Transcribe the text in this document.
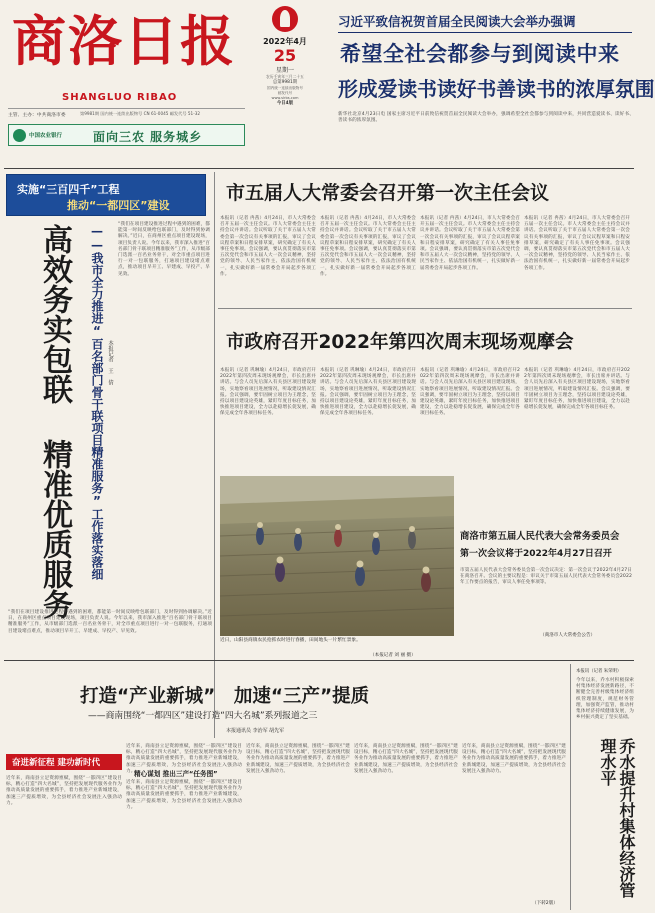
商洛日报
SHANGLUO RIBAO
2022年4月
25
星期一
农历壬寅年三月二十五
总第9981期
国内统一连续出版物号
邮发代号
www.slrbs.com
今日4版
习近平致信祝贺首届全民阅读大会举办强调
希望全社会都参与到阅读中来
形成爱读书读好书善读书的浓厚氛围
主管、主办：中共商洛市委	第9981期 国内统一连续出版物号 CN 61-0045 邮发代号 51-32
中国农业银行	面向三农 服务城乡
新华社北京4月23日电 国家主席习近平日前致信祝贺首届全民阅读大会举办，强调希望全社会都参与到阅读中来，共同营造爱读书、读好书、善读书的浓厚氛围。
实施“三百四千”工程
推动“一都四区”建设
高效务实包联 精准优质服务	——我市全力推进“百名部门骨干联项目精准服务”工作落实落细 本报记者 王 倩
“我们在项目建设推进过程中遇到的困难，都能第一时间反映给包联部门，及时得到协调解决。”近日，在商州区重点项目建设现场，项目负责人说。今年以来，我市深入推进“百名部门骨干联项目精准服务”工作，从市级部门选派一百名业务骨干，对全市重点项目进行一对一包联服务，打通项目建设堵点难点，推动项目早开工、早建成、早投产、早见效。
“我们在项目建设推进过程中遇到的困难，都能第一时间反映给包联部门，及时得到协调解决。”近日，在商州区重点项目建设现场，项目负责人说。今年以来，我市深入推进“百名部门骨干联项目精准服务”工作，从市级部门选派一百名业务骨干，对全市重点项目进行一对一包联服务，打通项目建设堵点难点，推动项目早开工、早建成、早投产、早见效。
市五届人大常委会召开第一次主任会议
本报讯（记者 冉茜）4月24日，市人大常委会召开五届一次主任会议。市人大常委会主任主持会议并讲话。会议听取了关于市五届人大常委会第一次会议有关事项的汇报，审议了会议议程草案和日程安排草案，研究确定了有关人事任免事项。会议强调，要认真贯彻落实市第五次党代会和市五届人大一次会议精神，坚持党的领导、人民当家作主、依法治国有机统一，扎实做好新一届常委会开局起步各项工作。
本报讯（记者 冉茜）4月24日，市人大常委会召开五届一次主任会议。市人大常委会主任主持会议并讲话。会议听取了关于市五届人大常委会第一次会议有关事项的汇报，审议了会议议程草案和日程安排草案，研究确定了有关人事任免事项。会议强调，要认真贯彻落实市第五次党代会和市五届人大一次会议精神，坚持党的领导、人民当家作主、依法治国有机统一，扎实做好新一届常委会开局起步各项工作。
本报讯（记者 冉茜）4月24日，市人大常委会召开五届一次主任会议。市人大常委会主任主持会议并讲话。会议听取了关于市五届人大常委会第一次会议有关事项的汇报，审议了会议议程草案和日程安排草案，研究确定了有关人事任免事项。会议强调，要认真贯彻落实市第五次党代会和市五届人大一次会议精神，坚持党的领导、人民当家作主、依法治国有机统一，扎实做好新一届常委会开局起步各项工作。
本报讯（记者 冉茜）4月24日，市人大常委会召开五届一次主任会议。市人大常委会主任主持会议并讲话。会议听取了关于市五届人大常委会第一次会议有关事项的汇报，审议了会议议程草案和日程安排草案，研究确定了有关人事任免事项。会议强调，要认真贯彻落实市第五次党代会和市五届人大一次会议精神，坚持党的领导、人民当家作主、依法治国有机统一，扎实做好新一届常委会开局起步各项工作。
市政府召开2022年第四次周末现场观摩会
本报讯（记者 巩琳瑜）4月24日，市政府召开2022年第四次周末现场观摩会，市长出席并讲话。与会人员先后深入有关县区项目建设现场，实地察看项目进展情况，听取建设情况汇报。会议强调，要牢固树立项目为王理念，坚持以项目建设论英雄，紧盯年度目标任务，加快推进项目建设，全力以赴稳增长促发展，确保完成全年各项目标任务。
本报讯（记者 巩琳瑜）4月24日，市政府召开2022年第四次周末现场观摩会，市长出席并讲话。与会人员先后深入有关县区项目建设现场，实地察看项目进展情况，听取建设情况汇报。会议强调，要牢固树立项目为王理念，坚持以项目建设论英雄，紧盯年度目标任务，加快推进项目建设，全力以赴稳增长促发展，确保完成全年各项目标任务。
本报讯（记者 巩琳瑜）4月24日，市政府召开2022年第四次周末现场观摩会，市长出席并讲话。与会人员先后深入有关县区项目建设现场，实地察看项目进展情况，听取建设情况汇报。会议强调，要牢固树立项目为王理念，坚持以项目建设论英雄，紧盯年度目标任务，加快推进项目建设，全力以赴稳增长促发展，确保完成全年各项目标任务。
本报讯（记者 巩琳瑜）4月24日，市政府召开2022年第四次周末现场观摩会，市长出席并讲话。与会人员先后深入有关县区项目建设现场，实地察看项目进展情况，听取建设情况汇报。会议强调，要牢固树立项目为王理念，坚持以项目建设论英雄，紧盯年度目标任务，加快推进项目建设，全力以赴稳增长促发展，确保完成全年各项目标任务。
近日，山阳县商镇农民抢抓农时进行春播，田间地头一片繁忙景象。
（本报记者 刘 丽 摄）
商洛市第五届人民代表大会常务委员会
第一次会议将于2022年4月27日召开
市第五届人民代表大会常务委员会第一次会议决定：第一次会议于2022年4月27日在商洛召开。会议的主要议程是：审议关于市第五届人民代表大会常务委员会2022年工作要点的报告，审议人事任免事项等。
（商洛市人大常委会公告）
打造“产业新城”　加速“三产”提质
——商南围绕“一都四区”建设打造“四大名城”系列报道之三
本报通讯员 李治军 胡先军
奋进新征程 建功新时代
近年来，商南县立足资源禀赋，围绕“一都四区”建设目标，精心打造“四大名城”，坚持把发展现代服务业作为推动高质量发展的重要抓手，着力推进产业新城建设，加速三产提质增效，为全县经济社会发展注入强劲动力。
近年来，商南县立足资源禀赋，围绕“一都四区”建设目标，精心打造“四大名城”，坚持把发展现代服务业作为推动高质量发展的重要抓手，着力推进产业新城建设，加速三产提质增效，为全县经济社会发展注入强劲动力。
精心谋划 推出三产“任务图”
近年来，商南县立足资源禀赋，围绕“一都四区”建设目标，精心打造“四大名城”，坚持把发展现代服务业作为推动高质量发展的重要抓手，着力推进产业新城建设，加速三产提质增效，为全县经济社会发展注入强劲动力。
近年来，商南县立足资源禀赋，围绕“一都四区”建设目标，精心打造“四大名城”，坚持把发展现代服务业作为推动高质量发展的重要抓手，着力推进产业新城建设，加速三产提质增效，为全县经济社会发展注入强劲动力。
近年来，商南县立足资源禀赋，围绕“一都四区”建设目标，精心打造“四大名城”，坚持把发展现代服务业作为推动高质量发展的重要抓手，着力推进产业新城建设，加速三产提质增效，为全县经济社会发展注入强劲动力。
近年来，商南县立足资源禀赋，围绕“一都四区”建设目标，精心打造“四大名城”，坚持把发展现代服务业作为推动高质量发展的重要抓手，着力推进产业新城建设，加速三产提质增效，为全县经济社会发展注入强劲动力。
（下转2版）
乔水提升村集体经济管理水平
本报讯（记者 朱荣明）
今年以来，乔水村积极探索村集体经济发展新路径，不断健全完善村级集体经济组织管理制度，规范财务管理，加强资产监管，推动村集体经济持续健康发展，为乡村振兴奠定了坚实基础。
